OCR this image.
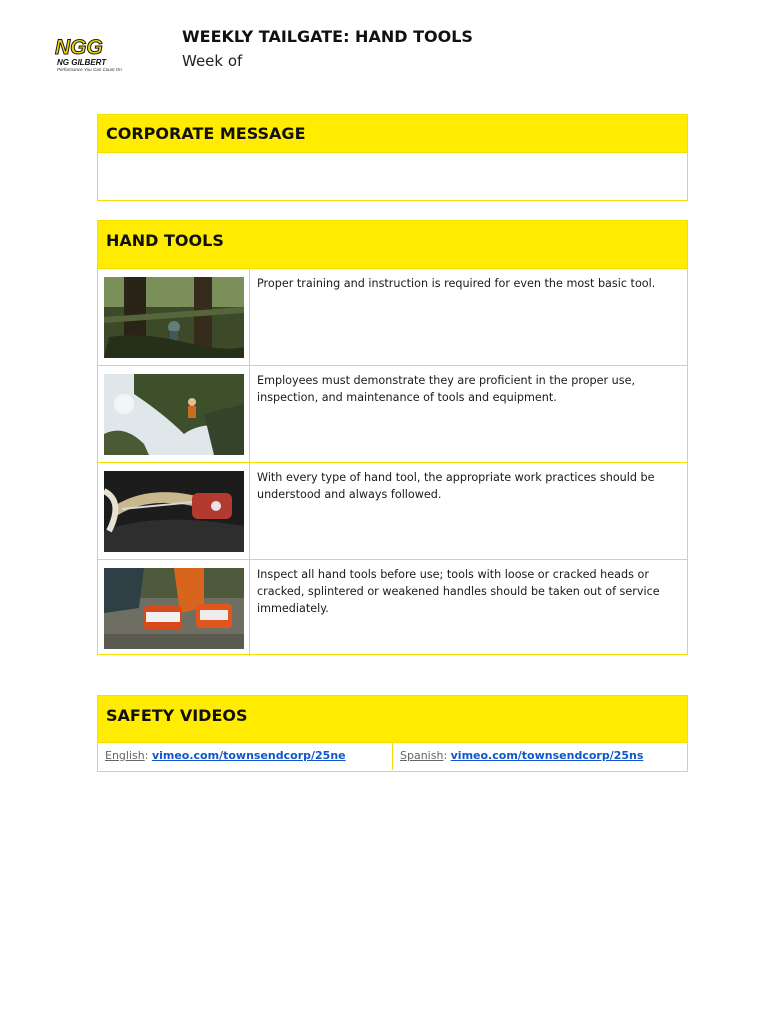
NGG
NG GILBERT
Performance You Can Count On
WEEKLY TAILGATE: HAND TOOLS
Week of
CORPORATE MESSAGE
HAND TOOLS
Proper training and instruction is required for even the most basic tool.
Employees must demonstrate they are proficient in the proper use, inspection, and maintenance of tools and equipment.
With every type of hand tool, the appropriate work practices should be understood and always followed.
Inspect all hand tools before use; tools with loose or cracked heads or cracked, splintered or weakened handles should be taken out of service immediately.
SAFETY VIDEOS
English: vimeo.com/townsendcorp/25ne	Spanish: vimeo.com/townsendcorp/25ns
